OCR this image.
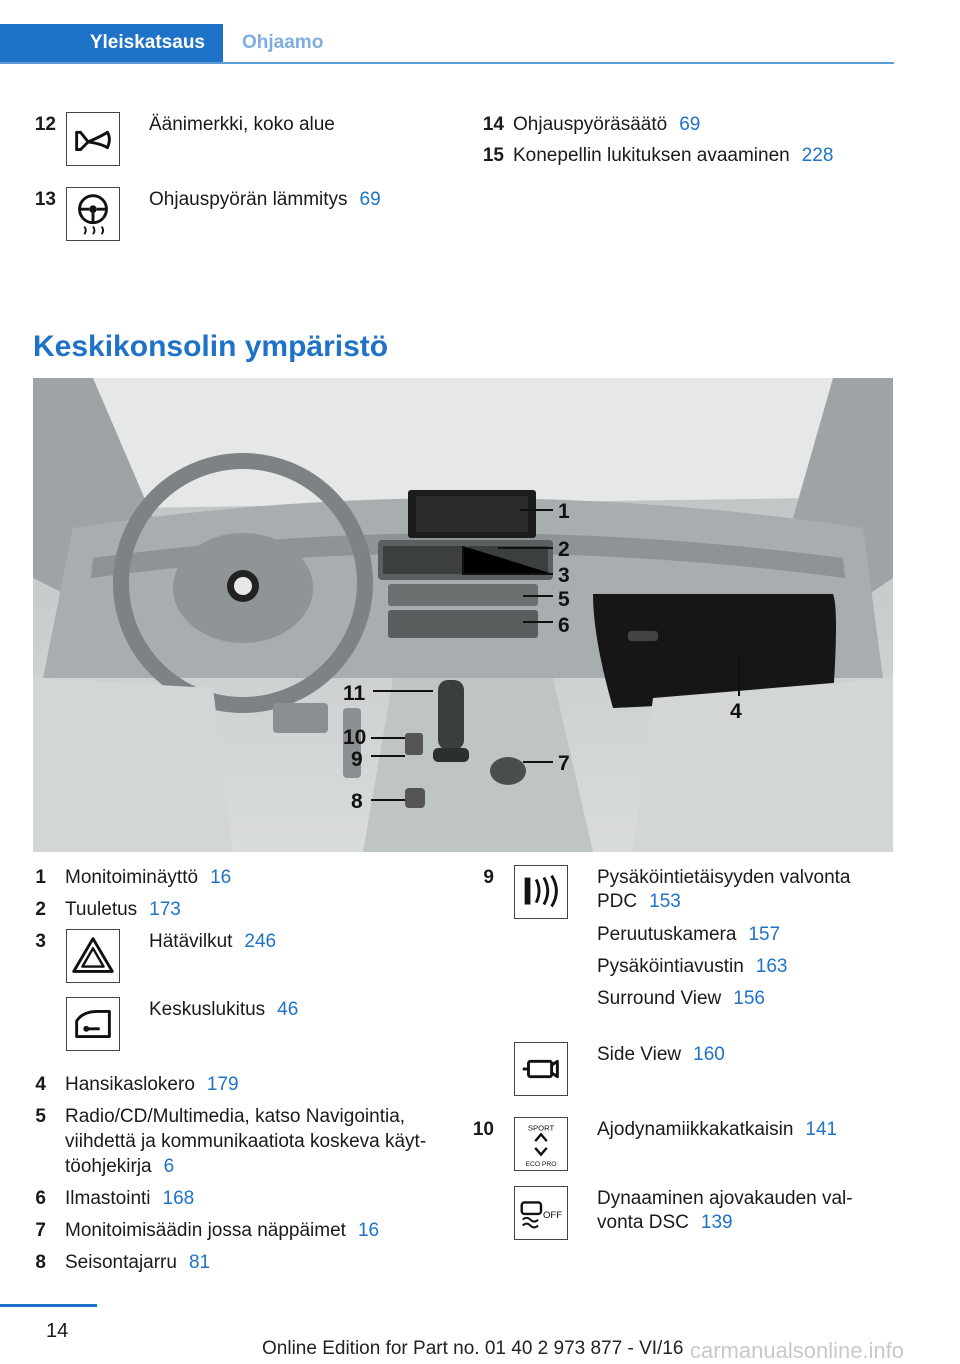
Yleiskatsaus	Ohjaamo
12	Äänimerkki, koko alue
13	Ohjauspyörän lämmitys 69
14 Ohjauspyöräsäätö 69
15 Konepellin lukituksen avaaminen 228
Keskikonsolin ympäristö
1
2
3
5
6
4
11
10
9	7
8
1 Monitoiminäyttö 16
2 Tuuletus 173
3	Hätävilkut 246
Keskuslukitus 46
4 Hansikaslokero 179
5 Radio/CD/Multimedia, katso Navigointia,
viihdettä ja kommunikaatiota koskeva käyt-
töohjekirja 6
6 Ilmastointi 168
7 Monitoimisäädin jossa näppäimet 16
8 Seisontajarru 81
9	Pysäköintietäisyyden valvonta
PDC 153
Peruutuskamera 157
Pysäköintiavustin 163
Surround View 156
Side View 160
10	SPORT
ECO PRO
Ajodynamiikkakatkaisin 141
OFF
Dynaaminen ajovakauden val-
vonta DSC 139
14
Online Edition for Part no. 01 40 2 973 877 - VI/16 carmanualsonline.info
